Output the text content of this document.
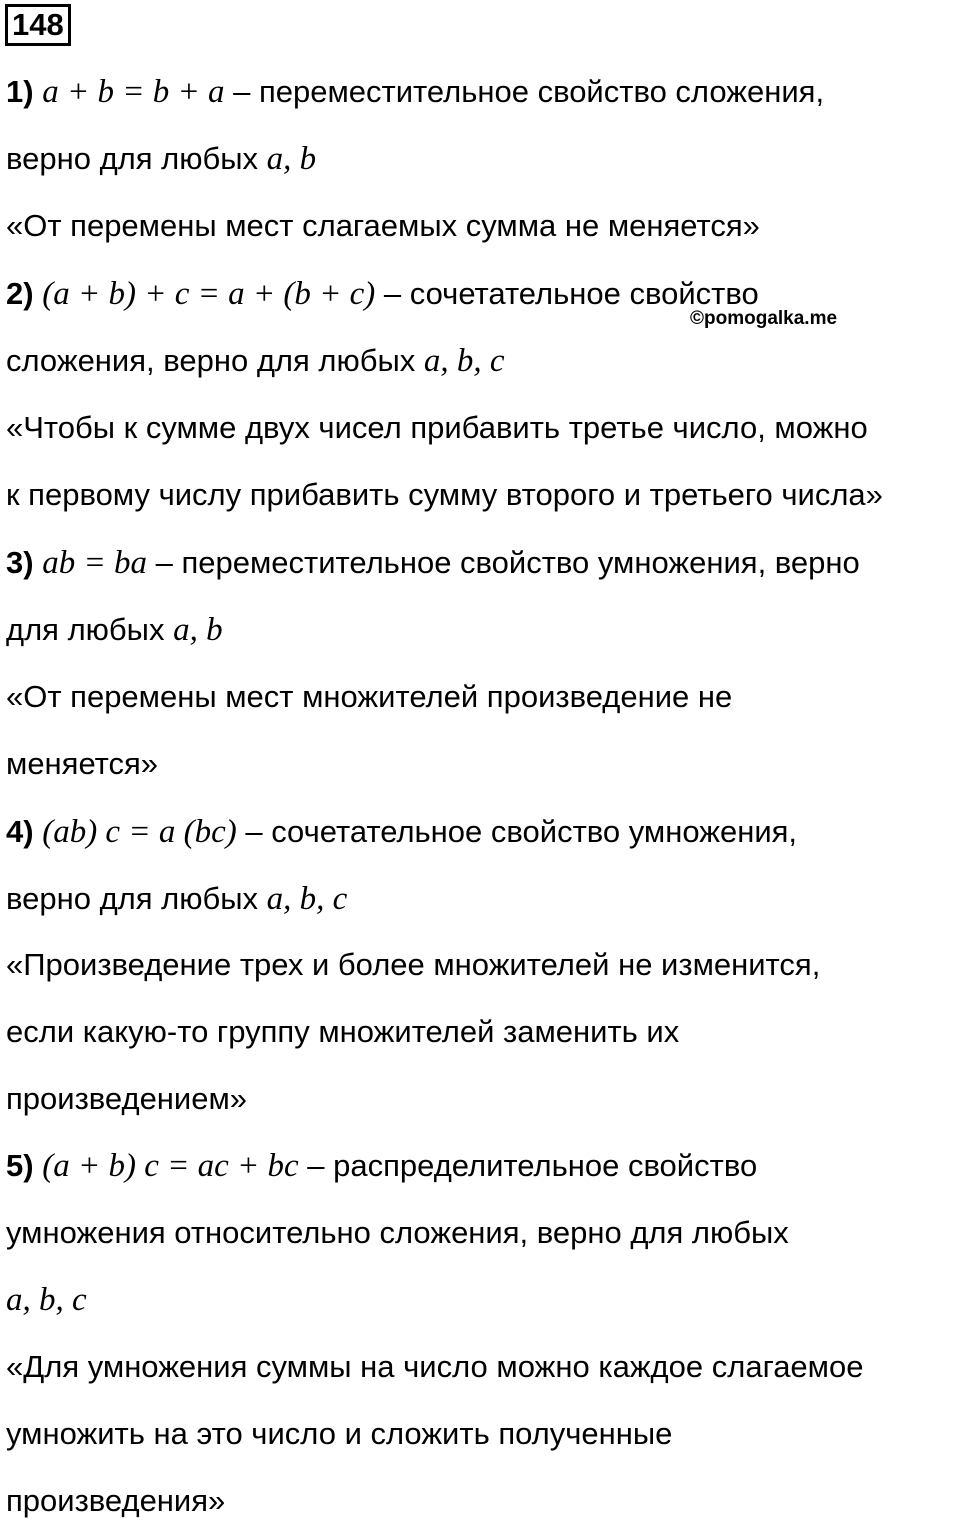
148
1) a + b = b + a – переместительное свойство сложения,
верно для любых a, b
«От перемены мест слагаемых сумма не меняется»
2) (a + b) + c = a + (b + c) – сочетательное свойство
©pomogalka.me
сложения, верно для любых a, b, c
«Чтобы к сумме двух чисел прибавить третье число, можно
к первому числу прибавить сумму второго и третьего числа»
3) ab = ba – переместительное свойство умножения, верно
для любых a, b
«От перемены мест множителей произведение не
меняется»
4) (ab) c = a (bc) – сочетательное свойство умножения,
верно для любых a, b, c
«Произведение трех и более множителей не изменится,
если какую-то группу множителей заменить их
произведением»
5) (a + b) c = ac + bc – распределительное свойство
умножения относительно сложения, верно для любых
a, b, c
«Для умножения суммы на число можно каждое слагаемое
умножить на это число и сложить полученные
произведения»
